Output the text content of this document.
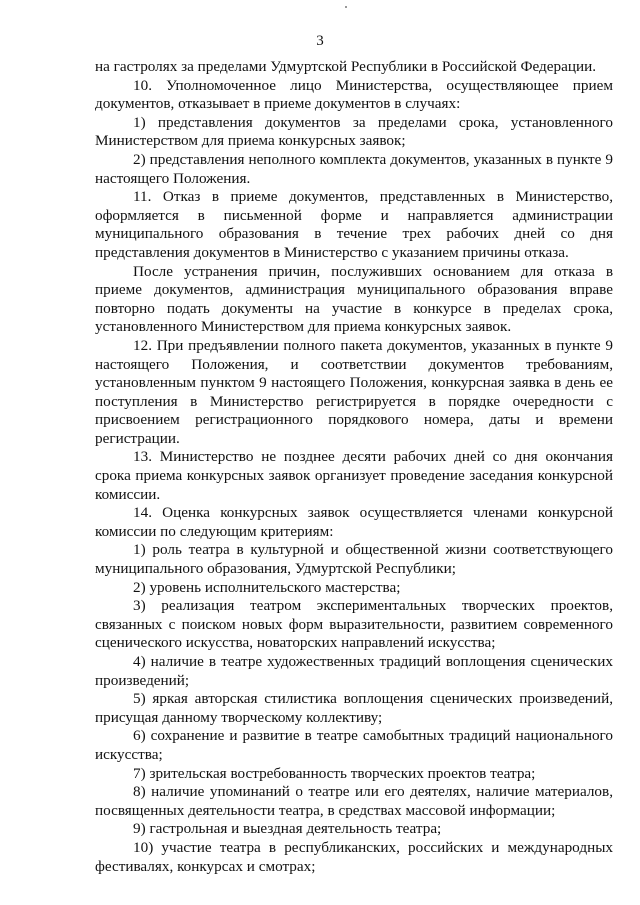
3

на гастролях за пределами Удмуртской Республики в Российской Федерации.

10. Уполномоченное лицо Министерства, осуществляющее прием документов, отказывает в приеме документов в случаях:

1) представления документов за пределами срока, установленного Министерством для приема конкурсных заявок;

2) представления неполного комплекта документов, указанных в пункте 9 настоящего Положения.

11. Отказ в приеме документов, представленных в Министерство, оформляется в письменной форме и направляется администрации муниципального образования в течение трех рабочих дней со дня представления документов в Министерство с указанием причины отказа.

После устранения причин, послуживших основанием для отказа в приеме документов, администрация муниципального образования вправе повторно подать документы на участие в конкурсе в пределах срока, установленного Министерством для приема конкурсных заявок.

12. При предъявлении полного пакета документов, указанных в пункте 9 настоящего Положения, и соответствии документов требованиям, установленным пунктом 9 настоящего Положения, конкурсная заявка в день ее поступления в Министерство регистрируется в порядке очередности с присвоением регистрационного порядкового номера, даты и времени регистрации.

13. Министерство не позднее десяти рабочих дней со дня окончания срока приема конкурсных заявок организует проведение заседания конкурсной комиссии.

14. Оценка конкурсных заявок осуществляется членами конкурсной комиссии по следующим критериям:

1) роль театра в культурной и общественной жизни соответствующего муниципального образования, Удмуртской Республики;

2) уровень исполнительского мастерства;

3) реализация театром экспериментальных творческих проектов, связанных с поиском новых форм выразительности, развитием современного сценического искусства, новаторских направлений искусства;

4) наличие в театре художественных традиций воплощения сценических произведений;

5) яркая авторская стилистика воплощения сценических произведений, присущая данному творческому коллективу;

6) сохранение и развитие в театре самобытных традиций национального искусства;

7) зрительская востребованность творческих проектов театра;

8) наличие упоминаний о театре или его деятелях, наличие материалов, посвященных деятельности театра, в средствах массовой информации;

9) гастрольная и выездная деятельность театра;

10) участие театра в республиканских, российских и международных фестивалях, конкурсах и смотрах;
